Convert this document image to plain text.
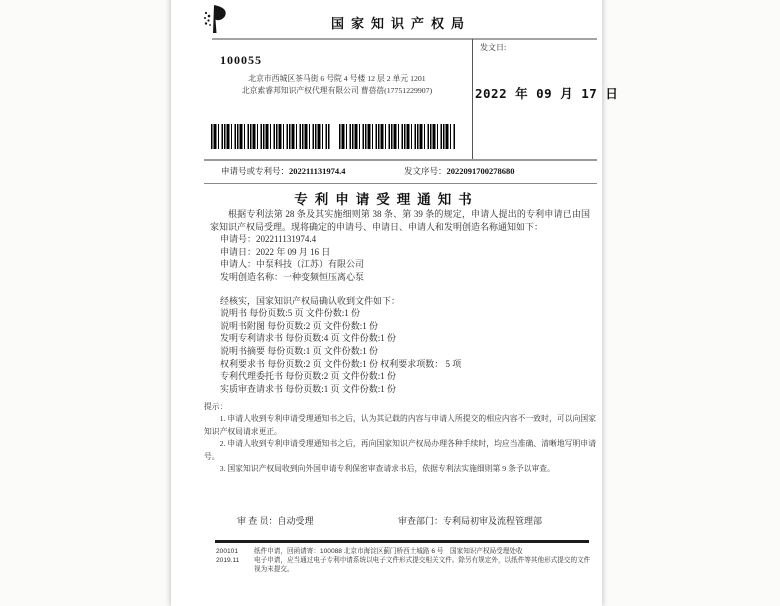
国家知识产权局
发文日:
2022 年 09 月 17 日
100055
北京市西城区茶马街 6 号院 4 号楼 12 层 2 单元 1201
北京索睿邦知识产权代理有限公司 曹蓓蓓(17751229907)
申请号或专利号：202211131974.4	发文序号：2022091700278680
专利申请受理通知书

根据专利法第 28 条及其实施细则第 38 条、第 39 条的规定，申请人提出的专利申请已由国家知识产权局受理。现将确定的申请号、申请日、申请人和发明创造名称通知如下：

申请号：202211131974.4
申请日：2022 年 09 月 16 日
申请人：中泵科技（江苏）有限公司
发明创造名称：一种变频恒压离心泵
经核实，国家知识产权局确认收到文件如下：
说明书 每份页数:5 页 文件份数:1 份
说明书附图 每份页数:2 页 文件份数:1 份
发明专利请求书 每份页数:4 页 文件份数:1 份
说明书摘要 每份页数:1 页 文件份数:1 份
权利要求书 每份页数:2 页 文件份数:1 份 权利要求项数： 5 项
专利代理委托书 每份页数:2 页 文件份数:1 份
实质审查请求书 每份页数:1 页 文件份数:1 份
提示：
1. 申请人收到专利申请受理通知书之后，认为其记载的内容与申请人所提交的相应内容不一致时，可以向国家知识产权局请求更正。
2. 申请人收到专利申请受理通知书之后，再向国家知识产权局办理各种手续时，均应当准确、清晰地写明申请号。
3. 国家知识产权局收到向外国申请专利保密审查请求书后，依据专利法实施细则第 9 条予以审查。
审 查 员：自动受理	审查部门：专利局初审及流程管理部
200101
2019.11
纸件申请，回函请寄：100088 北京市海淀区蓟门桥西土城路 6 号　国家知识产权局受理处收
电子申请，应当通过电子专利申请系统以电子文件形式提交相关文件。除另有规定外，以纸件等其他形式提交的文件视为未提交。
